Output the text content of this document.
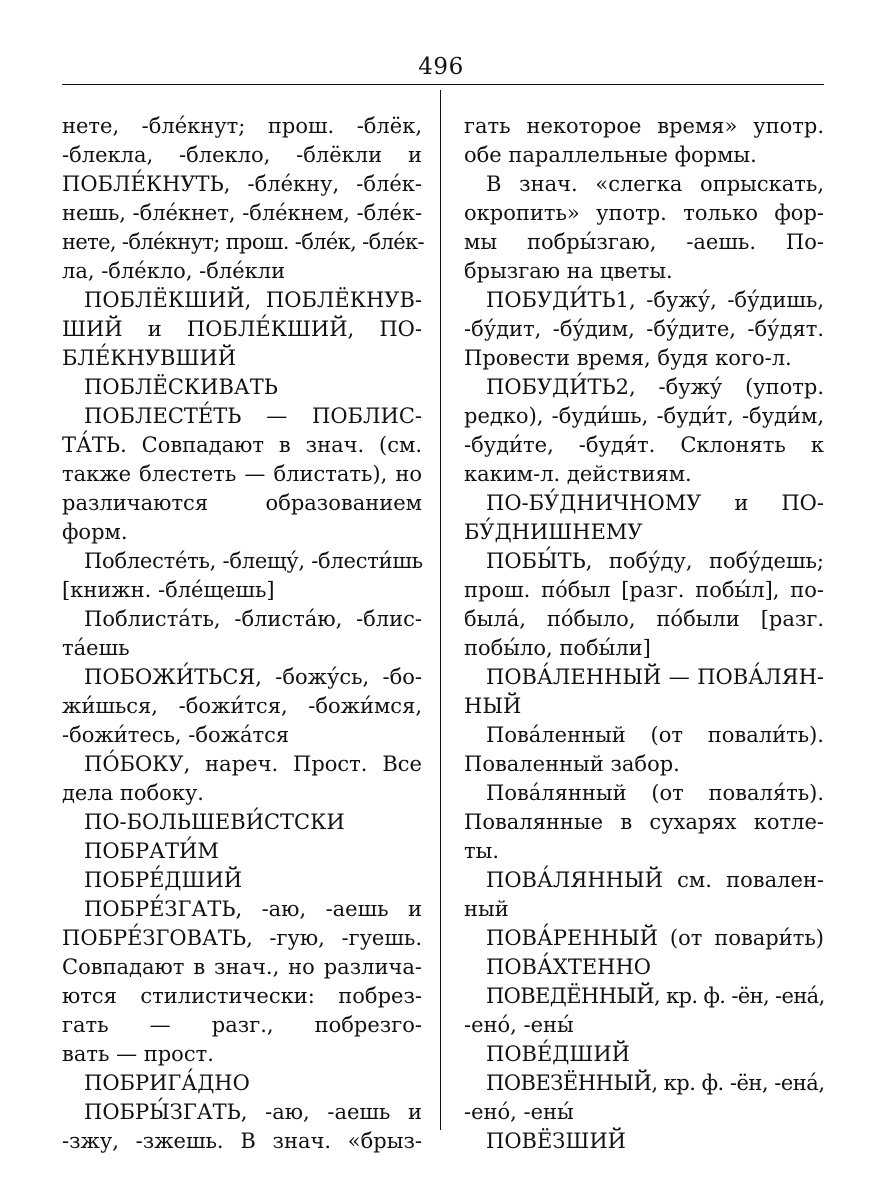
496
нете, -бле́кнут; прош. -блёк,
-блекла, -блекло, -блёкли и
ПОБЛЕ́КНУТЬ, -бле́кну, -бле́к-
нешь, -бле́кнет, -бле́кнем, -бле́к-
нете, -бле́кнут; прош. -бле́к, -бле́к-
ла, -бле́кло, -бле́кли
ПОБЛЁКШИЙ, ПОБЛЁКНУВ-
ШИЙ и ПОБЛЕ́КШИЙ, ПО-
БЛЕ́КНУВШИЙ
ПОБЛЁСКИВАТЬ
ПОБЛЕСТЕ́ТЬ — ПОБЛИС-
ТА́ТЬ. Совпадают в знач. (см.
также блестеть — блистать), но
различаются образованием
форм.
Поблесте́ть, -блещу́, -блести́шь
[книжн. -бле́щешь]
Поблиста́ть, -блиста́ю, -блис-
та́ешь
ПОБОЖИ́ТЬСЯ, -божу́сь, -бо-
жи́шься, -божи́тся, -божи́мся,
-божи́тесь, -божа́тся
ПО́БОКУ, нареч. Прост. Все
дела побоку.
ПО-БОЛЬШЕВИ́СТСКИ
ПОБРАТИ́М
ПОБРЕ́ДШИЙ
ПОБРЕ́ЗГАТЬ, -аю, -аешь и
ПОБРЕ́ЗГОВАТЬ, -гую, -гуешь.
Совпадают в знач., но различа-
ются стилистически: побрез-
гать — разг., побрезго-
вать — прост.
ПОБРИГА́ДНО
ПОБРЫ́ЗГАТЬ, -аю, -аешь и
-зжу, -зжешь. В знач. «брыз-
гать некоторое время» употр.
обе параллельные формы.
В знач. «слегка опрыскать,
окропить» употр. только фор-
мы побры́згаю, -аешь. По-
брызгаю на цветы.
ПОБУДИ́ТЬ1, -бужу́, -бу́дишь,
-бу́дит, -бу́дим, -бу́дите, -бу́дят.
Провести время, будя кого-л.
ПОБУДИ́ТЬ2, -бужу́ (употр.
редко), -буди́шь, -буди́т, -буди́м,
-буди́те, -будя́т. Склонять к
каким-л. действиям.
ПО-БУ́ДНИЧНОМУ и ПО-
БУ́ДНИШНЕМУ
ПОБЫ́ТЬ, побу́ду, побу́дешь;
прош. по́был [разг. побы́л], по-
была́, по́было, по́были [разг.
побы́ло, побы́ли]
ПОВА́ЛЕННЫЙ — ПОВА́ЛЯН-
НЫЙ
Пова́ленный (от повали́ть).
Поваленный забор.
Пова́лянный (от поваля́ть).
Повалянные в сухарях котле-
ты.
ПОВА́ЛЯННЫЙ см. повален-
ный
ПОВА́РЕННЫЙ (от повари́ть)
ПОВА́ХТЕННО
ПОВЕДЁННЫЙ, кр. ф. -ён, -ена́,
-ено́, -ены́
ПОВЕ́ДШИЙ
ПОВЕЗЁННЫЙ, кр. ф. -ён, -ена́,
-ено́, -ены́
ПОВЁЗШИЙ
